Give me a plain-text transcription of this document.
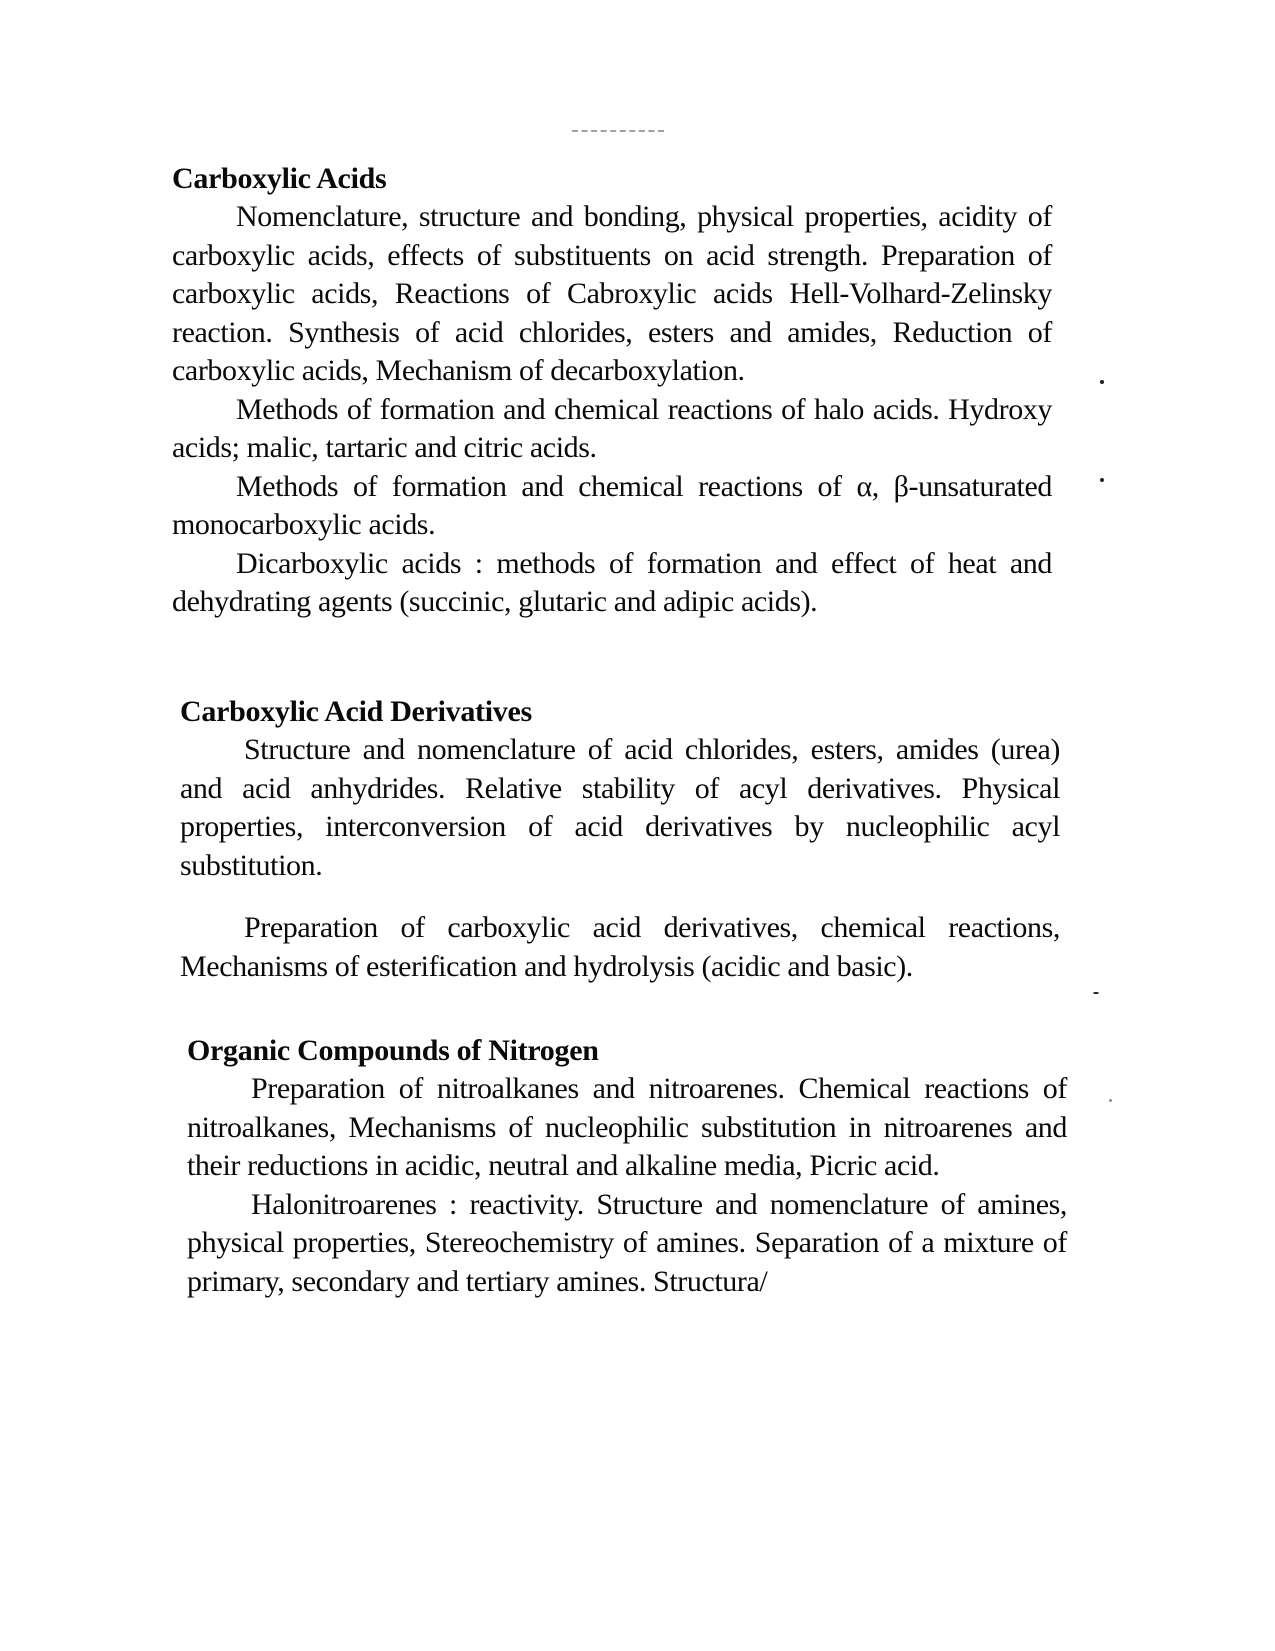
Carboxylic Acids

Nomenclature, structure and bonding, physical properties, acidity of carboxylic acids, effects of substituents on acid strength. Preparation of carboxylic acids, Reactions of Cabroxylic acids Hell-Volhard-Zelinsky reaction. Synthesis of acid chlorides, esters and amides, Reduction of carboxylic acids, Mechanism of decarboxylation.

Methods of formation and chemical reactions of halo acids. Hydroxy acids; malic, tartaric and citric acids.

Methods of formation and chemical reactions of α, β-unsaturated monocarboxylic acids.

Dicarboxylic acids : methods of formation and effect of heat and dehydrating agents (succinic, glutaric and adipic acids).

Carboxylic Acid Derivatives

Structure and nomenclature of acid chlorides, esters, amides (urea) and acid anhydrides. Relative stability of acyl derivatives. Physical properties, interconversion of acid derivatives by nucleophilic acyl substitution.

Preparation of carboxylic acid derivatives, chemical reactions, Mechanisms of esterification and hydrolysis (acidic and basic).

Organic Compounds of Nitrogen

Preparation of nitroalkanes and nitroarenes. Chemical reactions of nitroalkanes, Mechanisms of nucleophilic substitution in nitroarenes and their reductions in acidic, neutral and alkaline media, Picric acid.

Halonitroarenes : reactivity. Structure and nomenclature of amines, physical properties, Stereochemistry of amines. Separation of a mixture of primary, secondary and tertiary amines. Structura/
